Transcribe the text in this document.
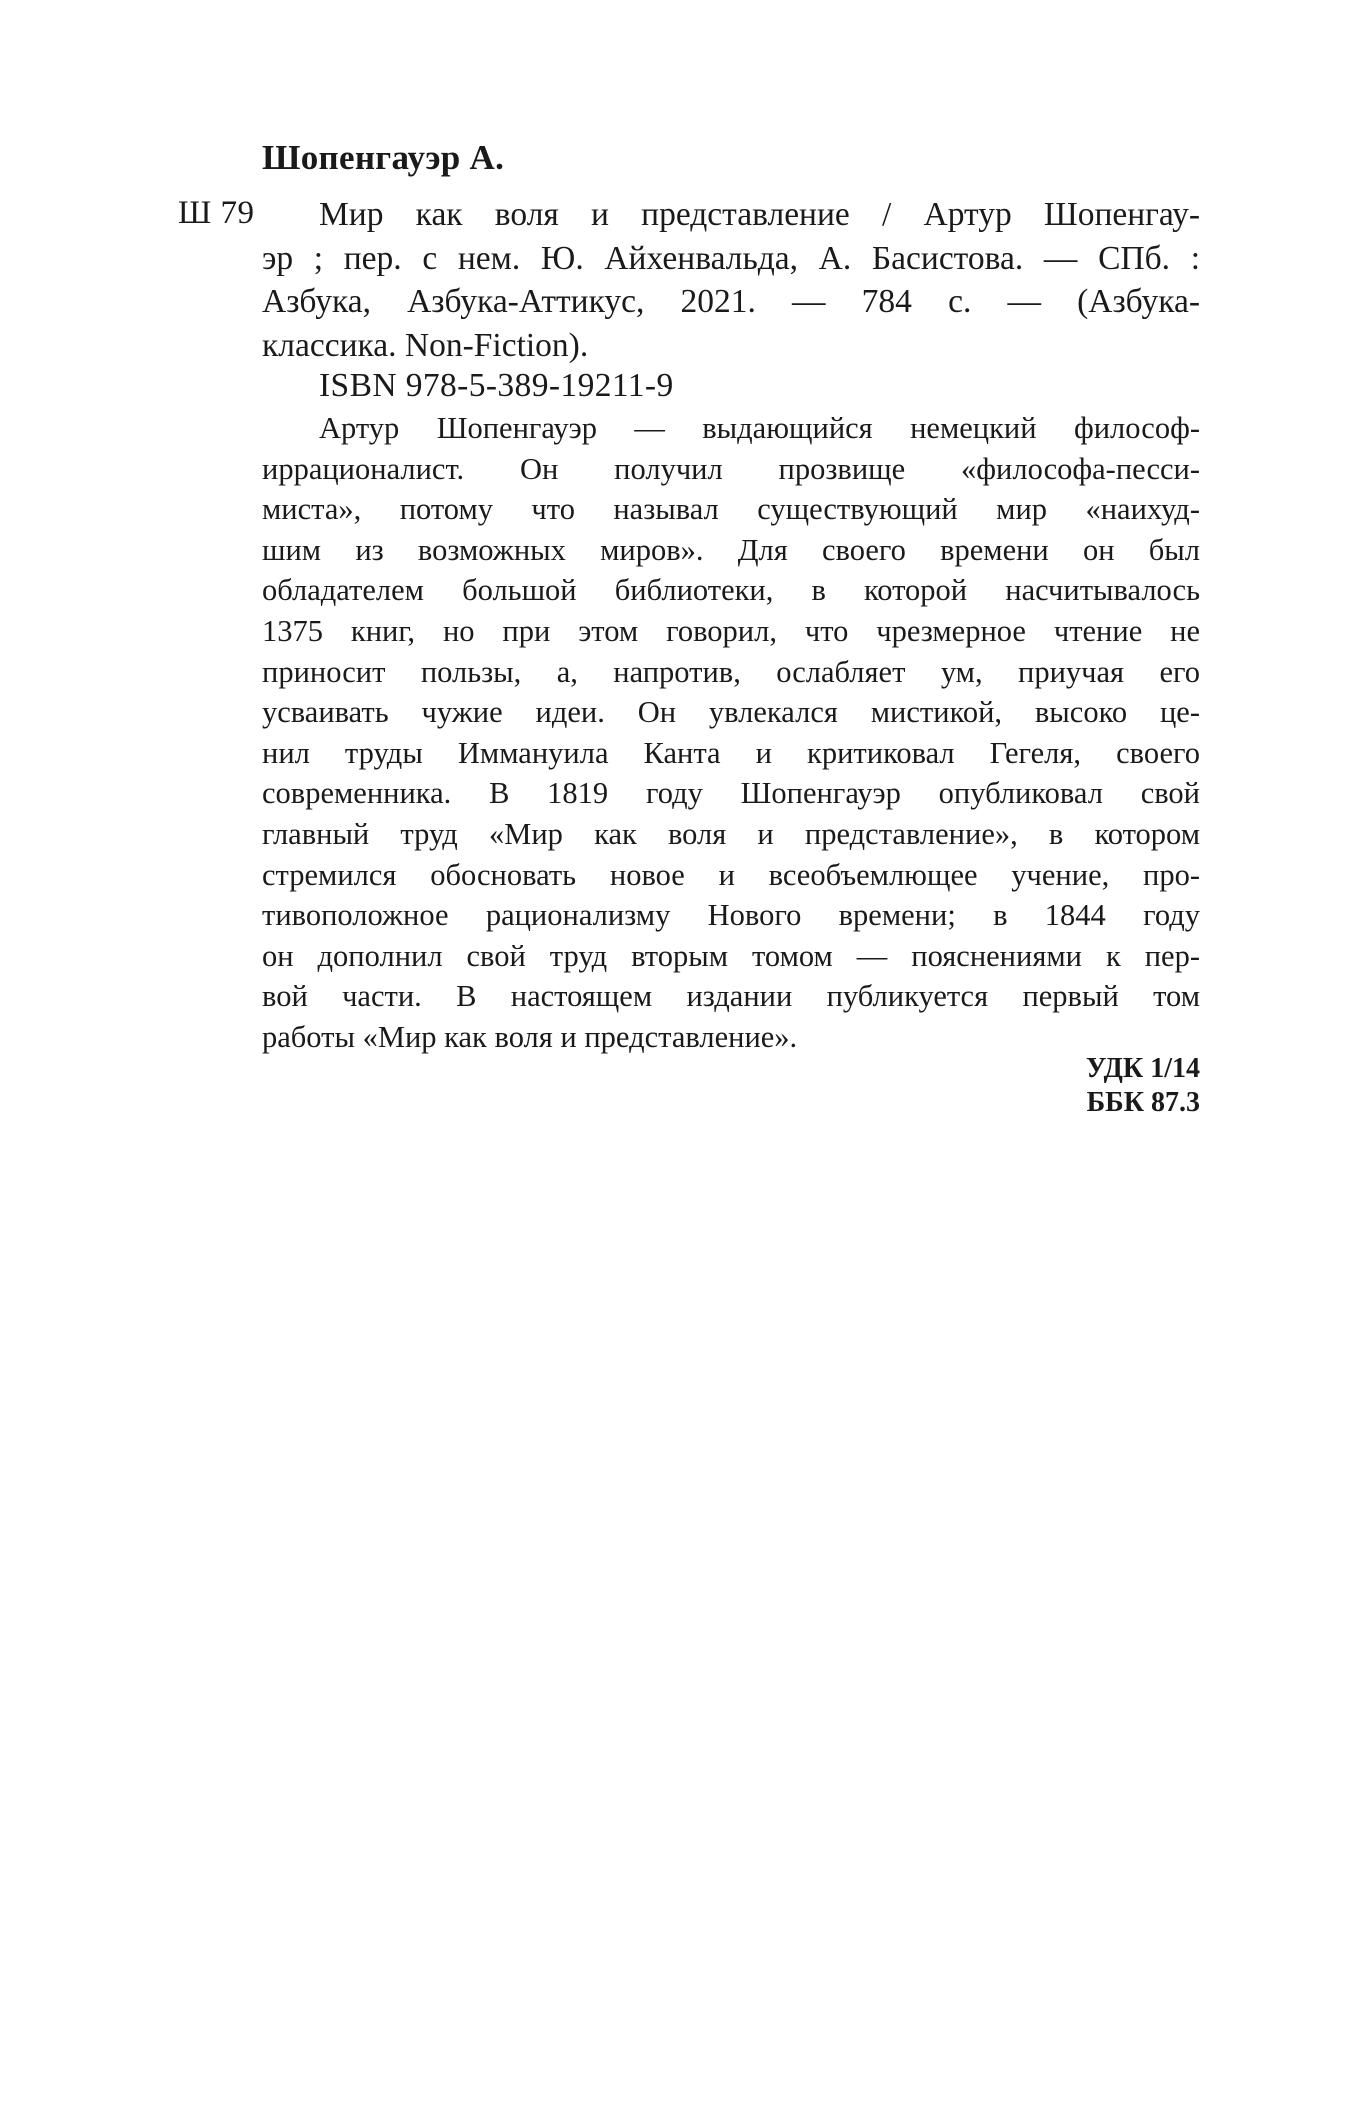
Шопенгауэр А.
Ш 79	Мир как воля и представление / Артур Шопенгау-
эр ; пер. с нем. Ю. Айхенвальда, А. Басистова. — СПб. :
Азбука, Азбука-Аттикус, 2021. — 784 с. — (Азбука-
классика. Non-Fiction).
ISBN 978-5-389-19211-9
Артур Шопенгауэр — выдающийся немецкий философ-
иррационалист. Он получил прозвище «философа-песси-
миста», потому что называл существующий мир «наихуд-
шим из возможных миров». Для своего времени он был
обладателем большой библиотеки, в которой насчитывалось
1375 книг, но при этом говорил, что чрезмерное чтение не
приносит пользы, а, напротив, ослабляет ум, приучая его
усваивать чужие идеи. Он увлекался мистикой, высоко це-
нил труды Иммануила Канта и критиковал Гегеля, своего
современника. В 1819 году Шопенгауэр опубликовал свой
главный труд «Мир как воля и представление», в котором
стремился обосновать новое и всеобъемлющее учение, про-
тивоположное рационализму Нового времени; в 1844 году
он дополнил свой труд вторым томом — пояснениями к пер-
вой части. В настоящем издании публикуется первый том
работы «Мир как воля и представление».
УДК 1/14
ББК 87.3
